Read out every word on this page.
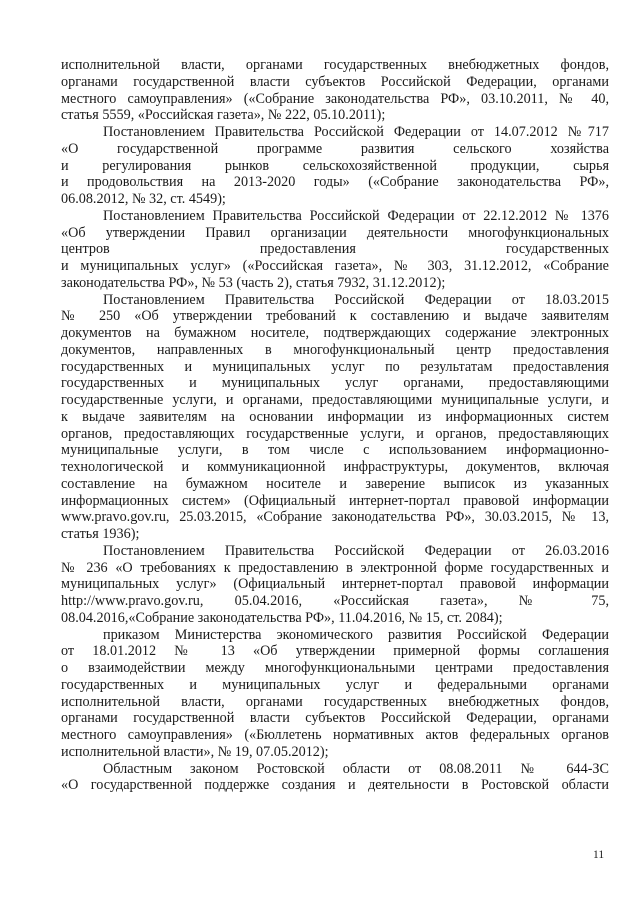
исполнительной власти, органами государственных внебюджетных фондов,
органами государственной власти субъектов Российской Федерации, органами
местного самоуправления» («Собрание законодательства РФ», 03.10.2011, № 40,
статья 5559, «Российская газета», № 222, 05.10.2011);
Постановлением Правительства Российской Федерации от 14.07.2012 №717
«О государственной программе развития сельского хозяйства
и регулирования рынков сельскохозяйственной продукции, сырья
и продовольствия на 2013-2020 годы» («Собрание законодательства РФ»,
06.08.2012, № 32, ст. 4549);
Постановлением Правительства Российской Федерации от 22.12.2012 № 1376
«Об утверждении Правил организации деятельности многофункциональных
центров предоставления государственных
и муниципальных услуг» («Российская газета», № 303, 31.12.2012, «Собрание
законодательства РФ», № 53 (часть 2), статья 7932, 31.12.2012);
Постановлением Правительства Российской Федерации от 18.03.2015
№ 250 «Об утверждении требований к составлению и выдаче заявителям
документов на бумажном носителе, подтверждающих содержание электронных
документов, направленных в многофункциональный центр предоставления
государственных и муниципальных услуг по результатам предоставления
государственных и муниципальных услуг органами, предоставляющими
государственные услуги, и органами, предоставляющими муниципальные услуги, и
к выдаче заявителям на основании информации из информационных систем
органов, предоставляющих государственные услуги, и органов, предоставляющих
муниципальные услуги, в том числе с использованием информационно-
технологической и коммуникационной инфраструктуры, документов, включая
составление на бумажном носителе и заверение выписок из указанных
информационных систем» (Официальный интернет-портал правовой информации
www.pravo.gov.ru, 25.03.2015, «Собрание законодательства РФ», 30.03.2015, № 13,
статья 1936);
Постановлением Правительства Российской Федерации от 26.03.2016
№ 236 «О требованиях к предоставлению в электронной форме государственных и
муниципальных услуг» (Официальный интернет-портал правовой информации
http://www.pravo.gov.ru, 05.04.2016, «Российская газета», № 75,
08.04.2016,«Собрание законодательства РФ», 11.04.2016, № 15, ст. 2084);
приказом Министерства экономического развития Российской Федерации
от 18.01.2012 № 13 «Об утверждении примерной формы соглашения
о взаимодействии между многофункциональными центрами предоставления
государственных и муниципальных услуг и федеральными органами
исполнительной власти, органами государственных внебюджетных фондов,
органами государственной власти субъектов Российской Федерации, органами
местного самоуправления» («Бюллетень нормативных актов федеральных органов
исполнительной власти», № 19, 07.05.2012);
Областным законом Ростовской области от 08.08.2011 № 644-ЗС
«О государственной поддержке создания и деятельности в Ростовской области
11
